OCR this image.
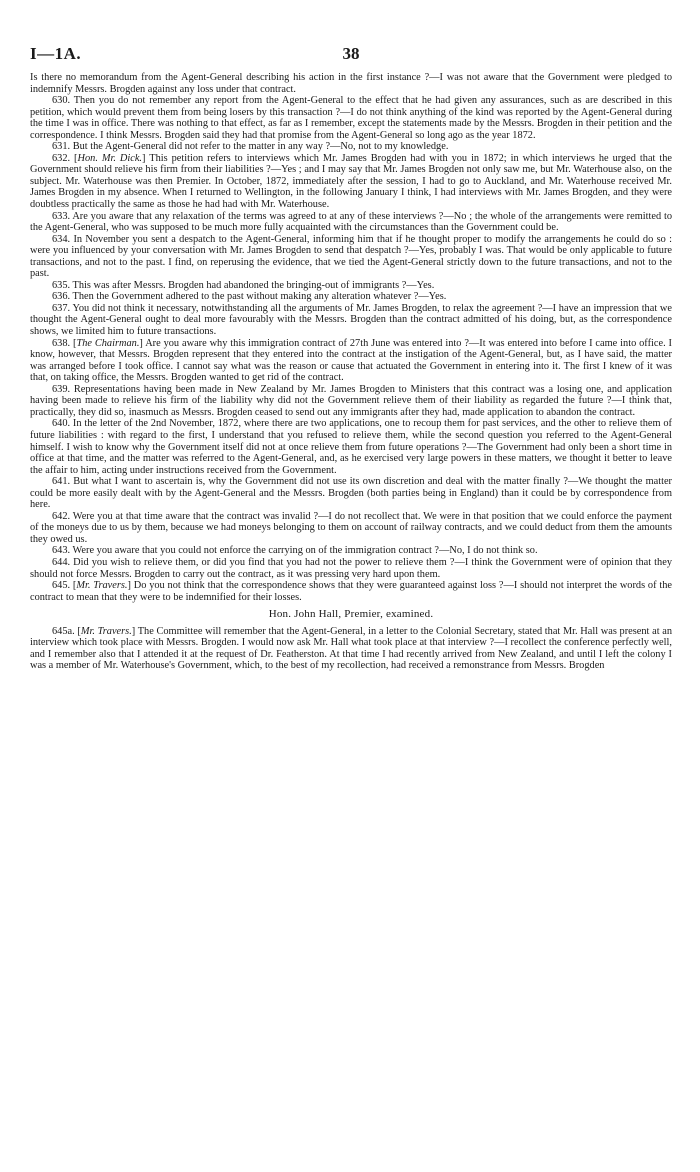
I—1A.	38

Is there no memorandum from the Agent-General describing his action in the first instance ?—I was not aware that the Government were pledged to indemnify Messrs. Brogden against any loss under that contract.

630. Then you do not remember any report from the Agent-General to the effect that he had given any assurances, such as are described in this petition, which would prevent them from being losers by this transaction ?—I do not think anything of the kind was reported by the Agent-General during the time I was in office. There was nothing to that effect, as far as I remember, except the statements made by the Messrs. Brogden in their petition and the correspondence. I think Messrs. Brogden said they had that promise from the Agent-General so long ago as the year 1872.

631. But the Agent-General did not refer to the matter in any way ?—No, not to my knowledge.

632. [Hon. Mr. Dick.] This petition refers to interviews which Mr. James Brogden had with you in 1872; in which interviews he urged that the Government should relieve his firm from their liabilities ?—Yes ; and I may say that Mr. James Brogden not only saw me, but Mr. Waterhouse also, on the subject. Mr. Waterhouse was then Premier. In October, 1872, immediately after the session, I had to go to Auckland, and Mr. Waterhouse received Mr. James Brogden in my absence. When I returned to Wellington, in the following January I think, I had interviews with Mr. James Brogden, and they were doubtless practically the same as those he had had with Mr. Waterhouse.

633. Are you aware that any relaxation of the terms was agreed to at any of these interviews ?—No ; the whole of the arrangements were remitted to the Agent-General, who was supposed to be much more fully acquainted with the circumstances than the Government could be.

634. In November you sent a despatch to the Agent-General, informing him that if he thought proper to modify the arrangements he could do so : were you influenced by your conversation with Mr. James Brogden to send that despatch ?—Yes, probably I was. That would be only applicable to future transactions, and not to the past. I find, on reperusing the evidence, that we tied the Agent-General strictly down to the future transactions, and not to the past.

635. This was after Messrs. Brogden had abandoned the bringing-out of immigrants ?—Yes.

636. Then the Government adhered to the past without making any alteration whatever ?—Yes.

637. You did not think it necessary, notwithstanding all the arguments of Mr. James Brogden, to relax the agreement ?—I have an impression that we thought the Agent-General ought to deal more favourably with the Messrs. Brogden than the contract admitted of his doing, but, as the correspondence shows, we limited him to future transactions.

638. [The Chairman.] Are you aware why this immigration contract of 27th June was entered into ?—It was entered into before I came into office. I know, however, that Messrs. Brogden represent that they entered into the contract at the instigation of the Agent-General, but, as I have said, the matter was arranged before I took office. I cannot say what was the reason or cause that actuated the Government in entering into it. The first I knew of it was that, on taking office, the Messrs. Brogden wanted to get rid of the contract.

639. Representations having been made in New Zealand by Mr. James Brogden to Ministers that this contract was a losing one, and application having been made to relieve his firm of the liability why did not the Government relieve them of their liability as regarded the future ?—I think that, practically, they did so, inasmuch as Messrs. Brogden ceased to send out any immigrants after they had, made application to abandon the contract.

640. In the letter of the 2nd November, 1872, where there are two applications, one to recoup them for past services, and the other to relieve them of future liabilities : with regard to the first, I understand that you refused to relieve them, while the second question you referred to the Agent-General himself. I wish to know why the Government itself did not at once relieve them from future operations ?—The Government had only been a short time in office at that time, and the matter was referred to the Agent-General, and, as he exercised very large powers in these matters, we thought it better to leave the affair to him, acting under instructions received from the Government.

641. But what I want to ascertain is, why the Government did not use its own discretion and deal with the matter finally ?—We thought the matter could be more easily dealt with by the Agent-General and the Messrs. Brogden (both parties being in England) than it could be by correspondence from here.

642. Were you at that time aware that the contract was invalid ?—I do not recollect that. We were in that position that we could enforce the payment of the moneys due to us by them, because we had moneys belonging to them on account of railway contracts, and we could deduct from them the amounts they owed us.

643. Were you aware that you could not enforce the carrying on of the immigration contract ?—No, I do not think so.

644. Did you wish to relieve them, or did you find that you had not the power to relieve them ?—I think the Government were of opinion that they should not force Messrs. Brogden to carry out the contract, as it was pressing very hard upon them.

645. [Mr. Travers.] Do you not think that the correspondence shows that they were guaranteed against loss ?—I should not interpret the words of the contract to mean that they were to be indemnified for their losses.

Hon. John Hall, Premier, examined.

645a. [Mr. Travers.] The Committee will remember that the Agent-General, in a letter to the Colonial Secretary, stated that Mr. Hall was present at an interview which took place with Messrs. Brogden. I would now ask Mr. Hall what took place at that interview ?—I recollect the conference perfectly well, and I remember also that I attended it at the request of Dr. Featherston. At that time I had recently arrived from New Zealand, and until I left the colony I was a member of Mr. Waterhouse's Government, which, to the best of my recollection, had received a remonstrance from Messrs. Brogden
